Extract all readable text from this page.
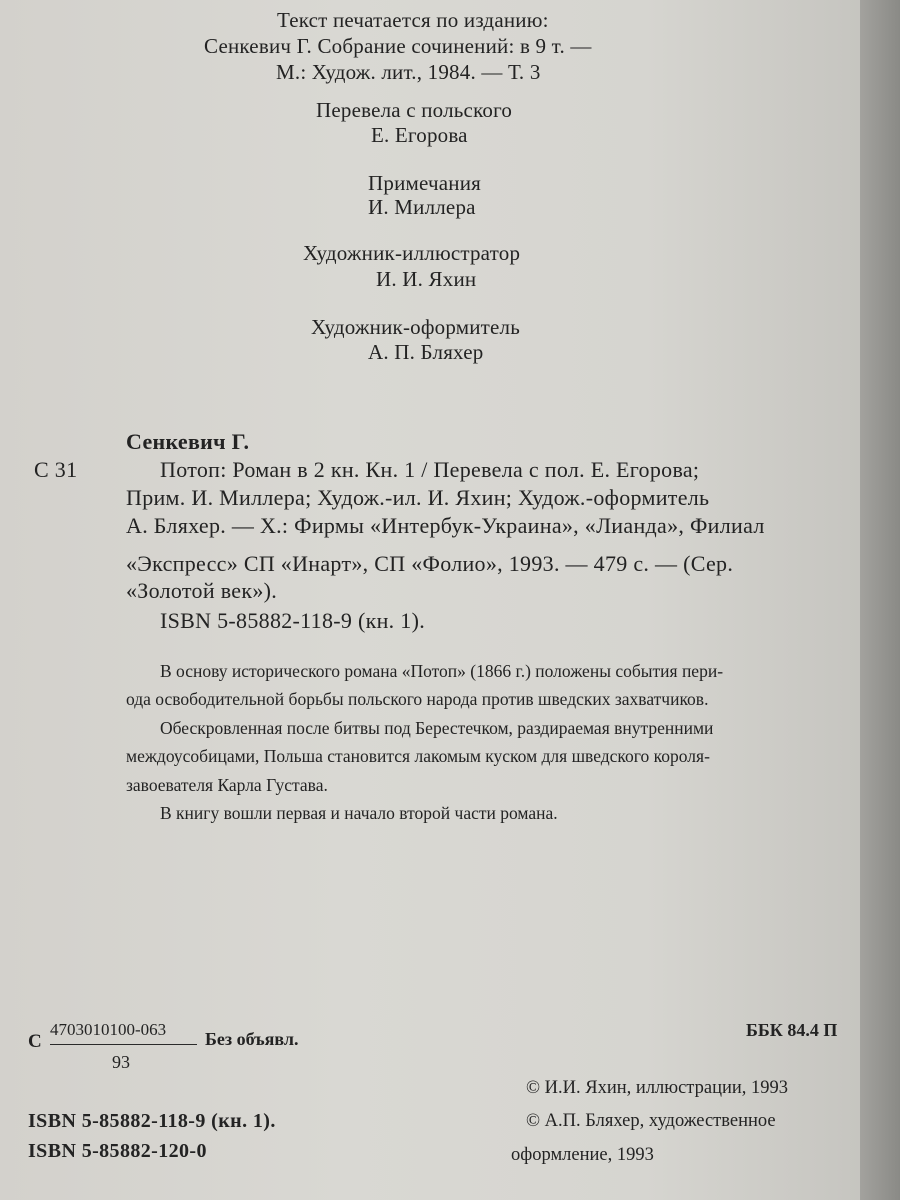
Текст печатается по изданию:
Сенкевич Г. Собрание сочинений: в 9 т. —
М.: Худож. лит., 1984. — Т. 3
Перевела с польского
Е. Егорова
Примечания
И. Миллера
Художник-иллюстратор
И. И. Яхин
Художник-оформитель
А. П. Бляхер
Сенкевич Г.
С 31	Потоп: Роман в 2 кн. Кн. 1 / Перевела с пол. Е. Егорова;
Прим. И. Миллера; Худож.-ил. И. Яхин; Худож.-оформитель
А. Бляхер. — Х.: Фирмы «Интербук-Украина», «Лианда», Филиал
«Экспресс» СП «Инарт», СП «Фолио», 1993. — 479 с. — (Сер.
«Золотой век»).
ISBN 5-85882-118-9 (кн. 1).
В основу исторического романа «Потоп» (1866 г.) положены события пери-
ода освободительной борьбы польского народа против шведских захватчиков.
Обескровленная после битвы под Берестечком, раздираемая внутренними
междоусобицами, Польша становится лакомым куском для шведского короля-
завоевателя Карла Густава.
В книгу вошли первая и начало второй части романа.
С
4703010100-063
93
Без объявл.	ББК 84.4 П
ISBN 5-85882-118-9 (кн. 1).
ISBN 5-85882-120-0
© И.И. Яхин, иллюстрации, 1993
© А.П. Бляхер, художественное
оформление, 1993
